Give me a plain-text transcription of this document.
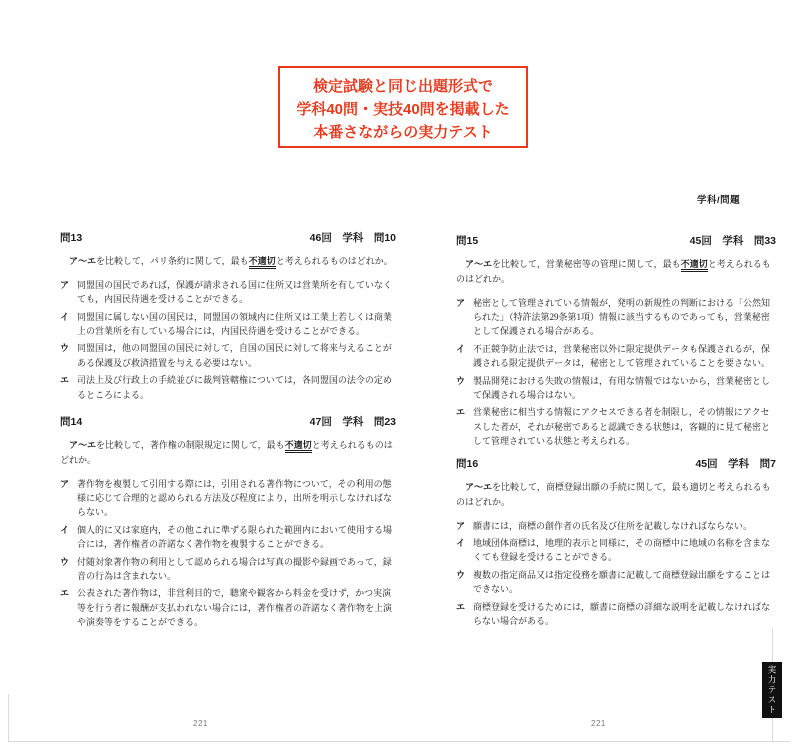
検定試験と同じ出題形式で
学科40問・実技40問を掲載した
本番さながらの実力テスト
学科/問題
問13	46回　学科　問10

ア～エを比較して，パリ条約に関して，最も不適切と考えられるものはどれか。

ア 同盟国の国民であれば，保護が請求される国に住所又は営業所を有していなくても，内国民待遇を受けることができる。
イ 同盟国に属しない国の国民は，同盟国の領域内に住所又は工業上若しくは商業上の営業所を有している場合には，内国民待遇を受けることができる。
ウ 同盟国は，他の同盟国の国民に対して，自国の国民に対して将来与えることがある保護及び救済措置を与える必要はない。
エ 司法上及び行政上の手続並びに裁判管轄権については，各同盟国の法令の定めるところによる。
問14	47回　学科　問23

ア～エを比較して，著作権の制限規定に関して，最も不適切と考えられるものはどれか。

ア 著作物を複製して引用する際には，引用される著作物について，その利用の態様に応じて合理的と認められる方法及び程度により，出所を明示しなければならない。
イ 個人的に又は家庭内，その他これに準ずる限られた範囲内において使用する場合には，著作権者の許諾なく著作物を複製することができる。
ウ 付随対象著作物の利用として認められる場合は写真の撮影や録画であって，録音の行為は含まれない。
エ 公表された著作物は，非営利目的で，聴衆や観客から料金を受けず，かつ実演等を行う者に報酬が支払われない場合には，著作権者の許諾なく著作物を上演や演奏等をすることができる。
問15	45回　学科　問33

ア～エを比較して，営業秘密等の管理に関して，最も不適切と考えられるものはどれか。

ア 秘密として管理されている情報が，発明の新規性の判断における「公然知られた」（特許法第29条第1項）情報に該当するものであっても，営業秘密として保護される場合がある。
イ 不正競争防止法では，営業秘密以外に限定提供データも保護されるが，保護される限定提供データは，秘密として管理されていることを要さない。
ウ 製品開発における失敗の情報は，有用な情報ではないから，営業秘密として保護される場合はない。
エ 営業秘密に相当する情報にアクセスできる者を制限し，その情報にアクセスした者が，それが秘密であると認識できる状態は，客観的に見て秘密として管理されている状態と考えられる。
問16	45回　学科　問7

ア～エを比較して，商標登録出願の手続に関して，最も適切と考えられるものはどれか。

ア 願書には，商標の創作者の氏名及び住所を記載しなければならない。
イ 地域団体商標は，地理的表示と同様に，その商標中に地域の名称を含まなくても登録を受けることができる。
ウ 複数の指定商品又は指定役務を願書に記載して商標登録出願をすることはできない。
エ 商標登録を受けるためには，願書に商標の詳細な説明を記載しなければならない場合がある。
221	221
実力テスト
